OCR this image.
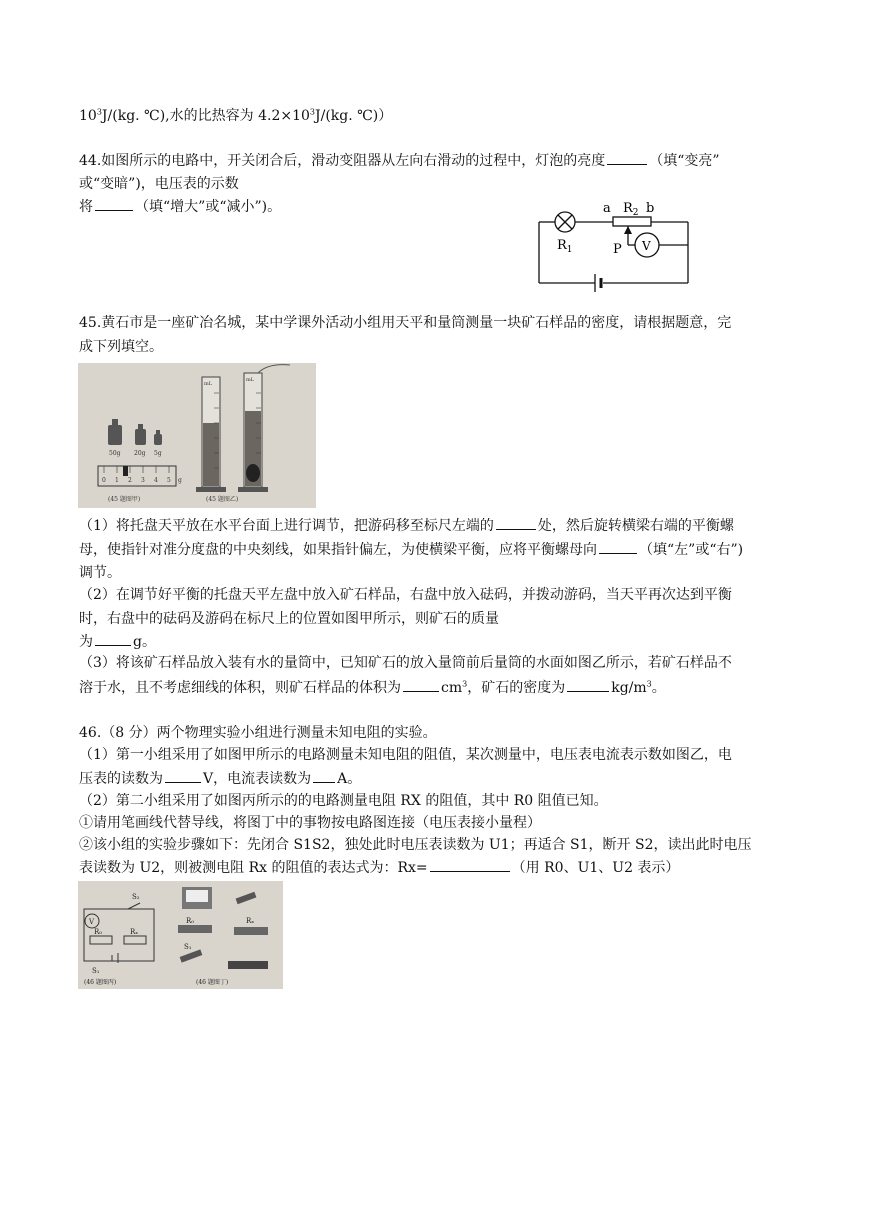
$10^3J/(kg$. ℃),水的比热容为 $4.2\times 10^3J/(kg$. ℃)）
44.如图所示的电路中，开关闭合后，滑动变阻器从左向右滑动的过程中，灯泡的亮度	（填“变亮”
或“变暗”)，电压表的示数
将	（填“增大”或“减小”)。	a $R_2$ b
$R_1$	P V
45.黄石市是一座矿冶名城，某中学课外活动小组用天平和量筒测量一块矿石样品的密度，请根据题意，完
成下列填空。
50g 20g 5g
0 1 2 3 4 5 g
(45 题图甲)
mL
mL
(45 题图乙)
（1）将托盘天平放在水平台面上进行调节，把游码移至标尺左端的	处，然后旋转横梁右端的平衡螺
母，使指针对准分度盘的中央刻线，如果指针偏左，为使横梁平衡，应将平衡螺母向	（填“左”或“右”)
调节。
（2）在调节好平衡的托盘天平左盘中放入矿石样品，右盘中放入砝码，并拨动游码，当天平再次达到平衡
时，右盘中的砝码及游码在标尺上的位置如图甲所示，则矿石的质量
为	g。
（3）将该矿石样品放入装有水的量筒中，已知矿石的放入量筒前后量筒的水面如图乙所示，若矿石样品不
溶于水，且不考虑细线的体积，则矿石样品的体积为	$cm^3$，矿石的密度为	$kg/m^3$。
46.（8 分）两个物理实验小组进行测量未知电阻的实验。
（1）第一小组采用了如图甲所示的电路测量未知电阻的阻值，某次测量中，电压表电流表示数如图乙，电
压表的读数为	V，电流表读数为 A。
（2）第二小组采用了如图丙所示的的电路测量电阻 RX 的阻值，其中 R0 阻值已知。
①请用笔画线代替导线，将图丁中的事物按电路图连接（电压表接小量程）
②该小组的实验步骤如下：先闭合 S1S2，独处此时电压表读数为 U1；再适合 S1，断开 S2，读出此时电压
表读数为 U2，则被测电阻 Rx 的阻值的表达式为：Rx=	（用 R0、U1、U2 表示）
V
S₂
R₀	Rₓ
S₁
(46 题图丙)
R₀	Rₓ
S₁
(46 题图丁)
